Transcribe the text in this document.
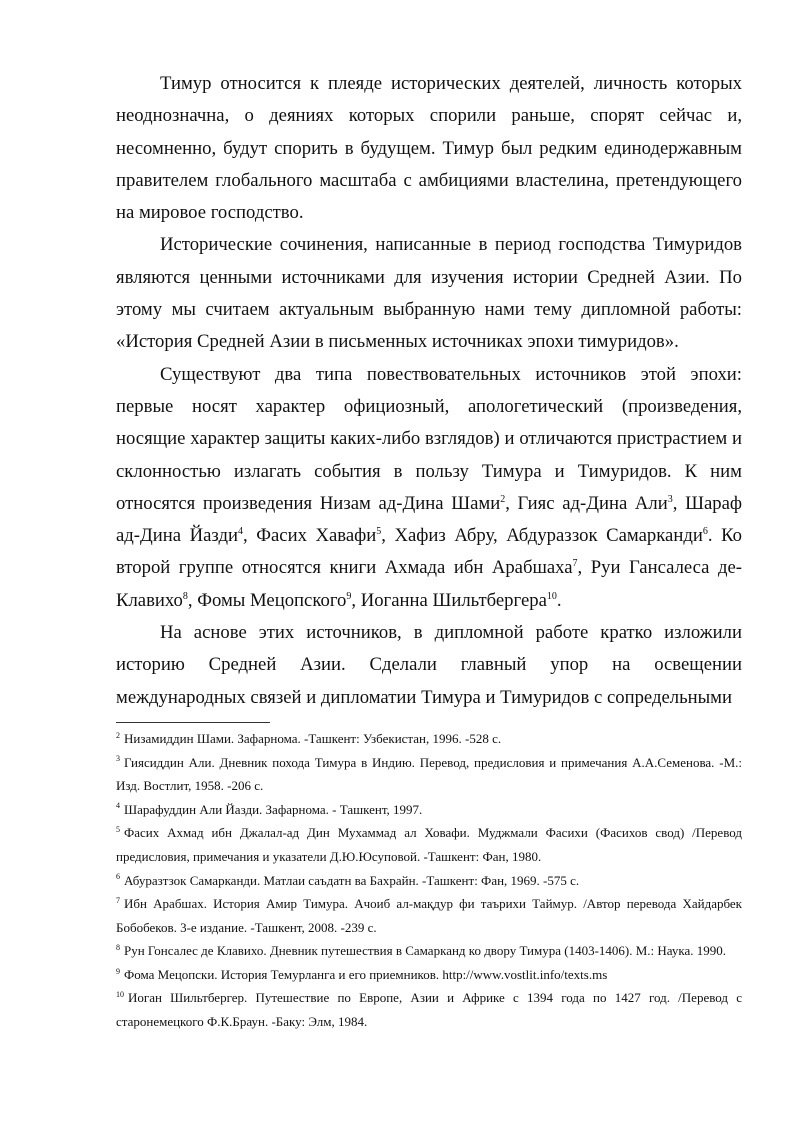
Тимур относится к плеяде исторических деятелей, личность которых неоднозначна, о деяниях которых спорили раньше, спорят сейчас и, несомненно, будут спорить в будущем. Тимур был редким единодержавным правителем глобального масштаба с амбициями властелина, претендующего на мировое господство.

Исторические сочинения, написанные в период господства Тимуридов являются ценными источниками для изучения истории Средней Азии. По этому мы считаем актуальным выбранную нами тему дипломной работы: «История Средней Азии в письменных источниках эпохи тимуридов».

Существуют два типа повествовательных источников этой эпохи: первые носят характер официозный, апологетический (произведения, носящие характер защиты каких-либо взглядов) и отличаются пристрастием и склонностью излагать события в пользу Тимура и Тимуридов. К ним относятся произведения Низам ад-Дина Шами$^2$, Гияс ад-Дина Али$^3$, Шараф ад-Дина Йазди$^4$, Фасих Хавафи$^5$, Хафиз Абру, Абдураззок Самарканди$^6$. Ко второй группе относятся книги Ахмада ибн Арабшаха$^7$, Руи Гансалеса де-Клавихо$^8$, Фомы Мецопского$^9$, Иоганна Шильтбергера$^{10}$.

На аснове этих источников, в дипломной работе кратко изложили историю Средней Азии. Сделали главный упор на освещении международных связей и дипломатии Тимура и Тимуридов с сопредельными

$^2$ Низамиддин Шами. Зафарнома. -Ташкент: Узбекистан, 1996. -528 с.

$^3$ Гиясиддин Али. Дневник похода Тимура в Индию. Перевод, предисловия и примечания А.А.Семенова. -М.: Изд. Востлит, 1958. -206 с.

$^4$ Шарафуддин Али Йазди. Зафарнома. - Ташкент, 1997.

$^5$ Фасих Ахмад ибн Джалал-ад Дин Мухаммад ал Ховафи. Муджмали Фасихи (Фасихов свод) /Перевод предисловия, примечания и указатели Д.Ю.Юсуповой. -Ташкент: Фан, 1980.

$^6$ Абуразтзок Самарканди. Матлаи саъдатн ва Бахрайн. -Ташкент: Фан, 1969. -575 с.

$^7$ Ибн Арабшах. История Амир Тимура. Ачоиб ал-мақдур фи таърихи Таймур. /Автор перевода Хайдарбек Бобобеков. 3-е издание. -Ташкент, 2008. -239 с.

$^8$ Рун Гонсалес де Клавихо. Дневник путешествия в Самарканд ко двору Тимура (1403-1406). М.: Наука. 1990.

$^9$ Фома Мецопски. История Темурланга и его приемников. http://www.vostlit.info/texts.ms

$^{10}$ Иоган Шильтбергер. Путешествие по Европе, Азии и Африке с 1394 года по 1427 год. /Перевод с старонемецкого Ф.К.Браун. -Баку: Элм, 1984.
